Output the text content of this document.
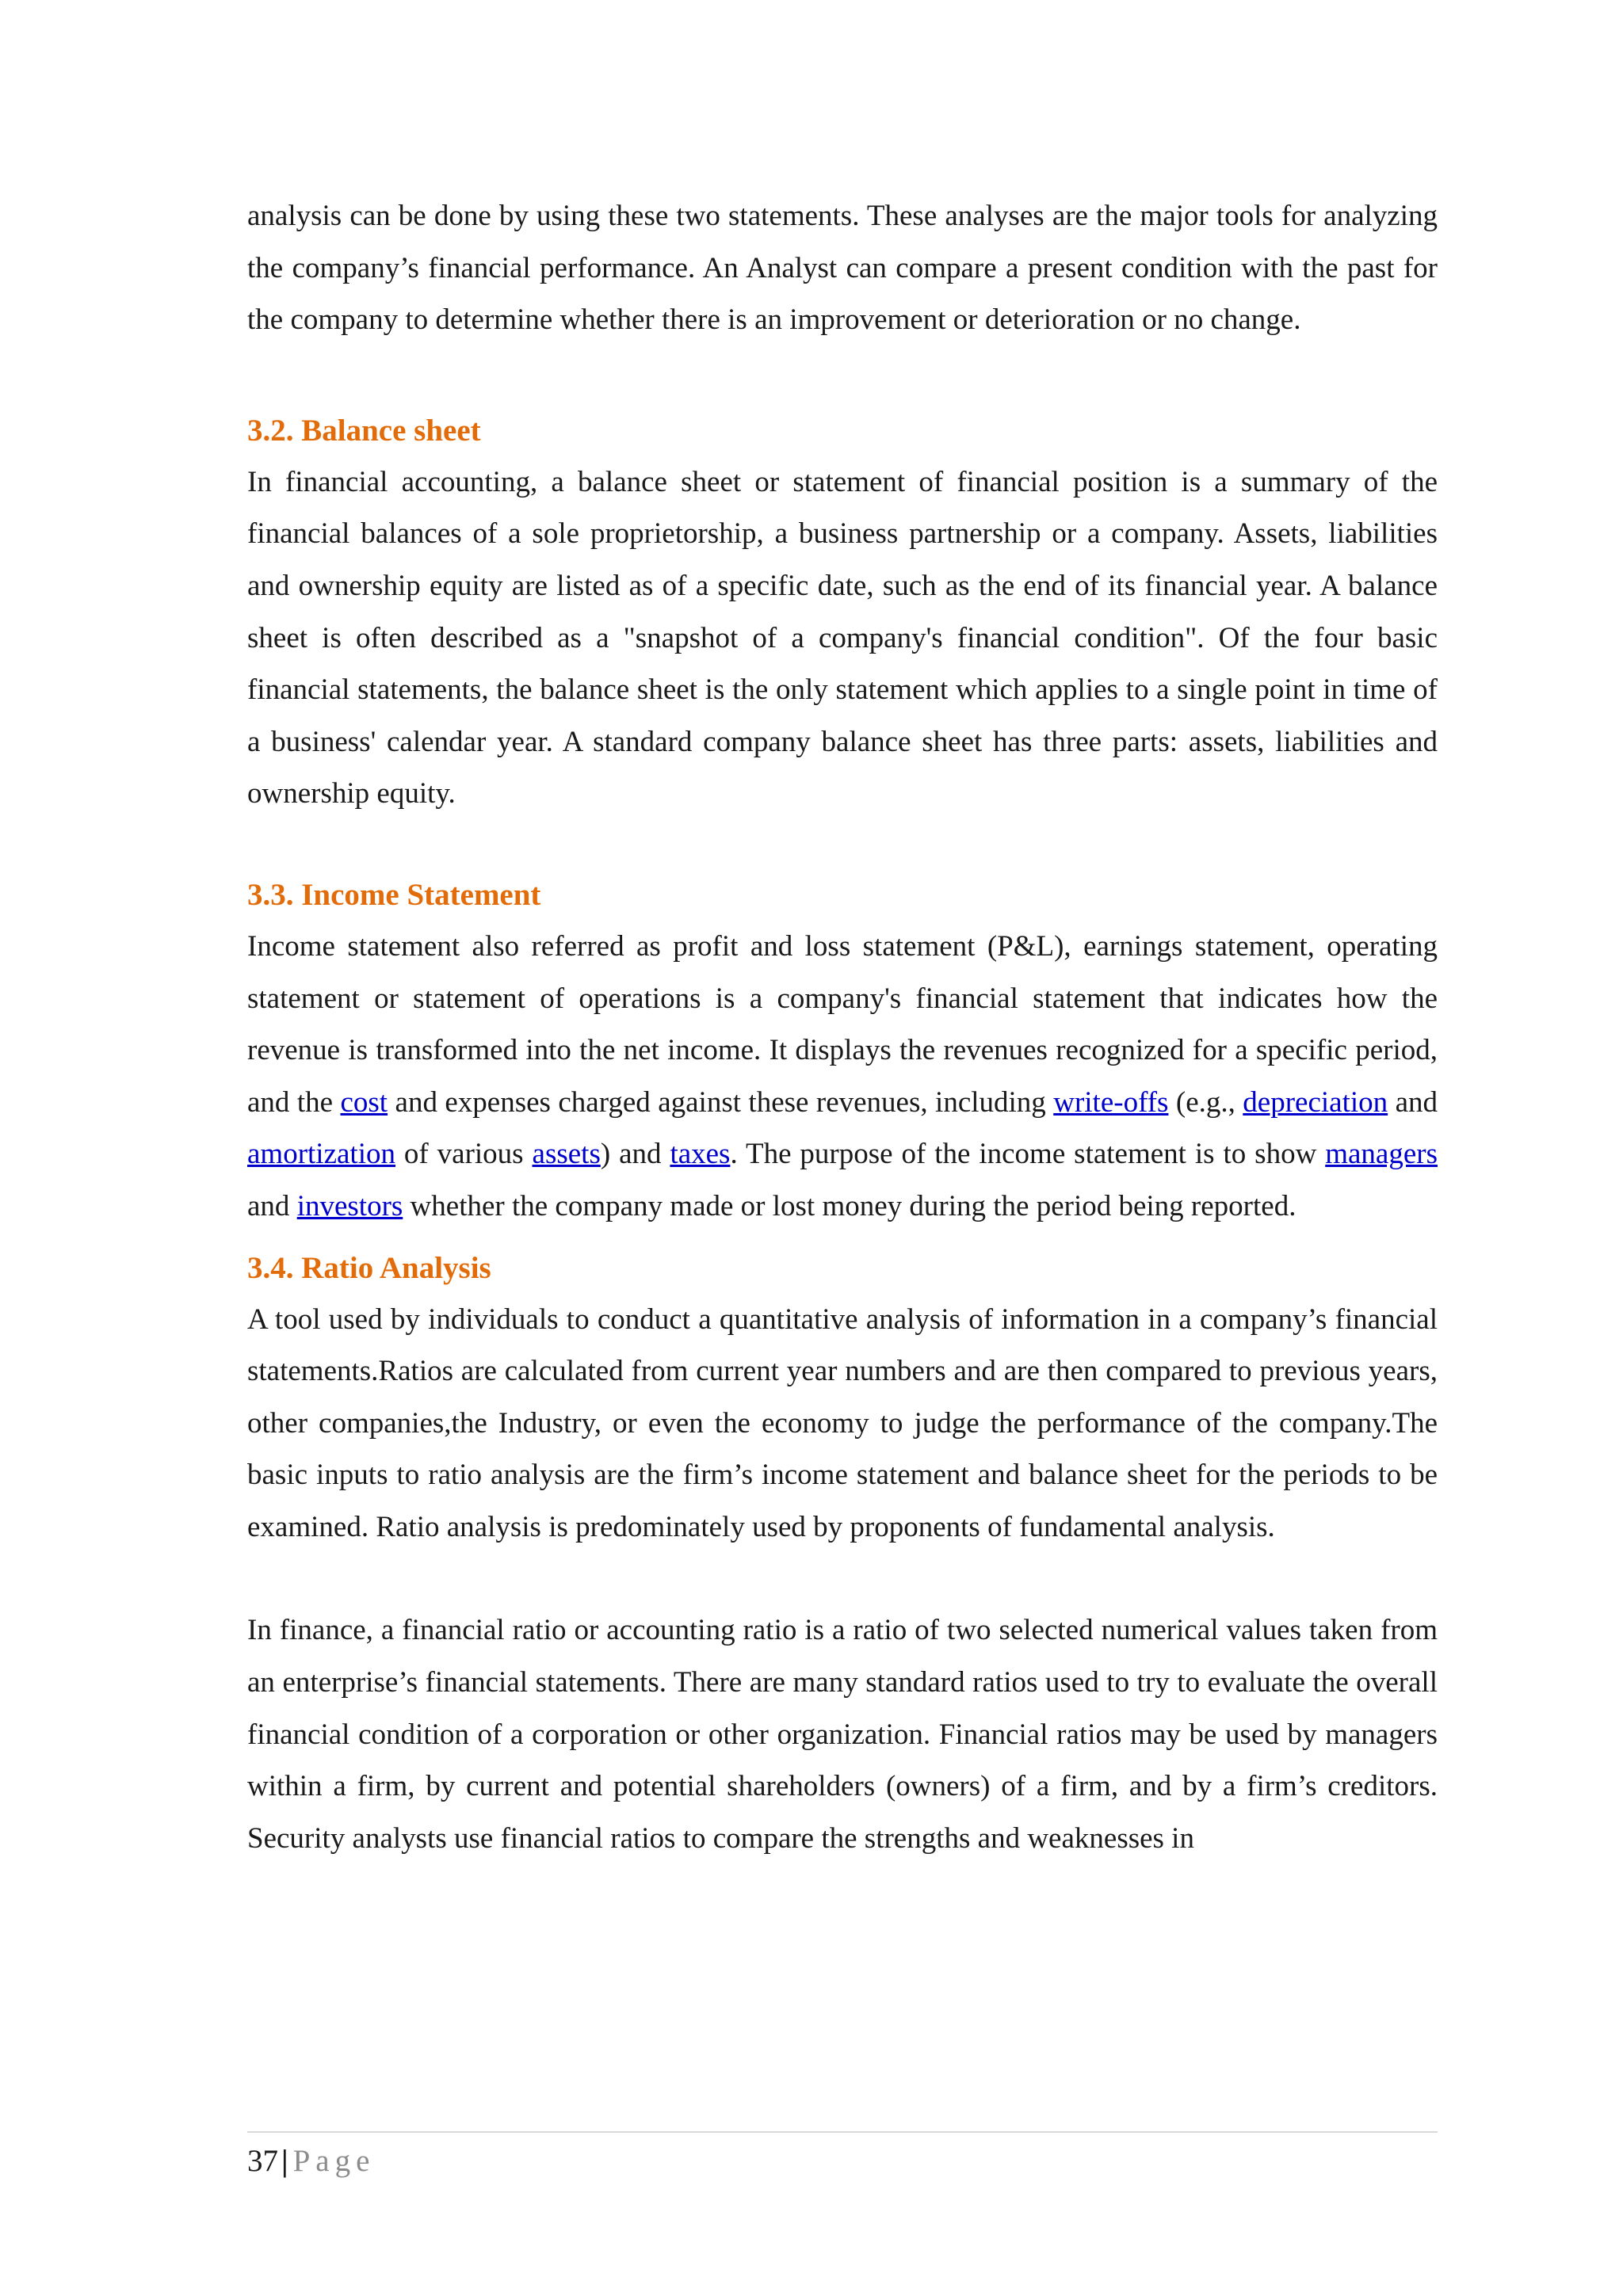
analysis can be done by using these two statements. These analyses are the major tools for analyzing the company’s financial performance. An Analyst can compare a present condition with the past for the company to determine whether there is an improvement or deterioration or no change.

3.2. Balance sheet

In financial accounting, a balance sheet or statement of financial position is a summary of the financial balances of a sole proprietorship, a business partnership or a company. Assets, liabilities and ownership equity are listed as of a specific date, such as the end of its financial year. A balance sheet is often described as a "snapshot of a company's financial condition". Of the four basic financial statements, the balance sheet is the only statement which applies to a single point in time of a business' calendar year. A standard company balance sheet has three parts: assets, liabilities and ownership equity.

3.3. Income Statement

Income statement also referred as profit and loss statement (P&L), earnings statement, operating statement or statement of operations is a company's financial statement that indicates how the revenue is transformed into the net income. It displays the revenues recognized for a specific period, and the cost and expenses charged against these revenues, including write-offs (e.g., depreciation and amortization of various assets) and taxes. The purpose of the income statement is to show managers and investors whether the company made or lost money during the period being reported.

3.4. Ratio Analysis

A tool used by individuals to conduct a quantitative analysis of information in a company’s financial statements.Ratios are calculated from current year numbers and are then compared to previous years, other companies,the Industry, or even the economy to judge the performance of the company.The basic inputs to ratio analysis are the firm’s income statement and balance sheet for the periods to be examined. Ratio analysis is predominately used by proponents of fundamental analysis.

In finance, a financial ratio or accounting ratio is a ratio of two selected numerical values taken from an enterprise’s financial statements. There are many standard ratios used to try to evaluate the overall financial condition of a corporation or other organization. Financial ratios may be used by managers within a firm, by current and potential shareholders (owners) of a firm, and by a firm’s creditors. Security analysts use financial ratios to compare the strengths and weaknesses in

37 | Page
